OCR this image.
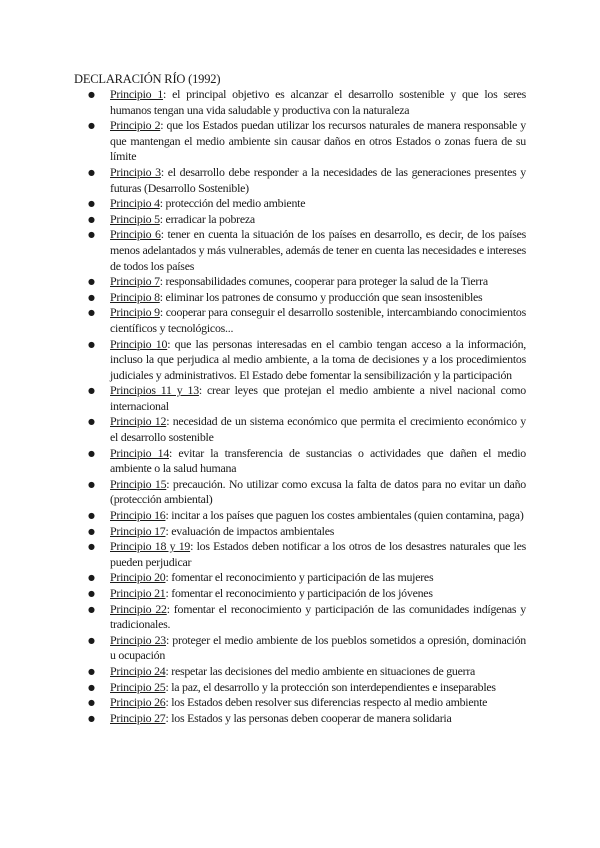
DECLARACIÓN RÍO (1992)
● Principio 1: el principal objetivo es alcanzar el desarrollo sostenible y que los seres humanos tengan una vida saludable y productiva con la naturaleza
● Principio 2: que los Estados puedan utilizar los recursos naturales de manera responsable y que mantengan el medio ambiente sin causar daños en otros Estados o zonas fuera de su límite
● Principio 3: el desarrollo debe responder a la necesidades de las generaciones presentes y futuras (Desarrollo Sostenible)
● Principio 4: protección del medio ambiente
● Principio 5: erradicar la pobreza
● Principio 6: tener en cuenta la situación de los países en desarrollo, es decir, de los países menos adelantados y más vulnerables, además de tener en cuenta las necesidades e intereses de todos los países
● Principio 7: responsabilidades comunes, cooperar para proteger la salud de la Tierra
● Principio 8: eliminar los patrones de consumo y producción que sean insostenibles
● Principio 9: cooperar para conseguir el desarrollo sostenible, intercambiando conocimientos científicos y tecnológicos...
● Principio 10: que las personas interesadas en el cambio tengan acceso a la información, incluso la que perjudica al medio ambiente, a la toma de decisiones y a los procedimientos judiciales y administrativos. El Estado debe fomentar la sensibilización y la participación
● Principios 11 y 13: crear leyes que protejan el medio ambiente a nivel nacional como internacional
● Principio 12: necesidad de un sistema económico que permita el crecimiento económico y el desarrollo sostenible
● Principio 14: evitar la transferencia de sustancias o actividades que dañen el medio ambiente o la salud humana
● Principio 15: precaución. No utilizar como excusa la falta de datos para no evitar un daño (protección ambiental)
● Principio 16: incitar a los países que paguen los costes ambientales (quien contamina, paga)
● Principio 17: evaluación de impactos ambientales
● Principio 18 y 19: los Estados deben notificar a los otros de los desastres naturales que les pueden perjudicar
● Principio 20: fomentar el reconocimiento y participación de las mujeres
● Principio 21: fomentar el reconocimiento y participación de los jóvenes
● Principio 22: fomentar el reconocimiento y participación de las comunidades indígenas y tradicionales.
● Principio 23: proteger el medio ambiente de los pueblos sometidos a opresión, dominación u ocupación
● Principio 24: respetar las decisiones del medio ambiente en situaciones de guerra
● Principio 25: la paz, el desarrollo y la protección son interdependientes e inseparables
● Principio 26: los Estados deben resolver sus diferencias respecto al medio ambiente
● Principio 27: los Estados y las personas deben cooperar de manera solidaria
